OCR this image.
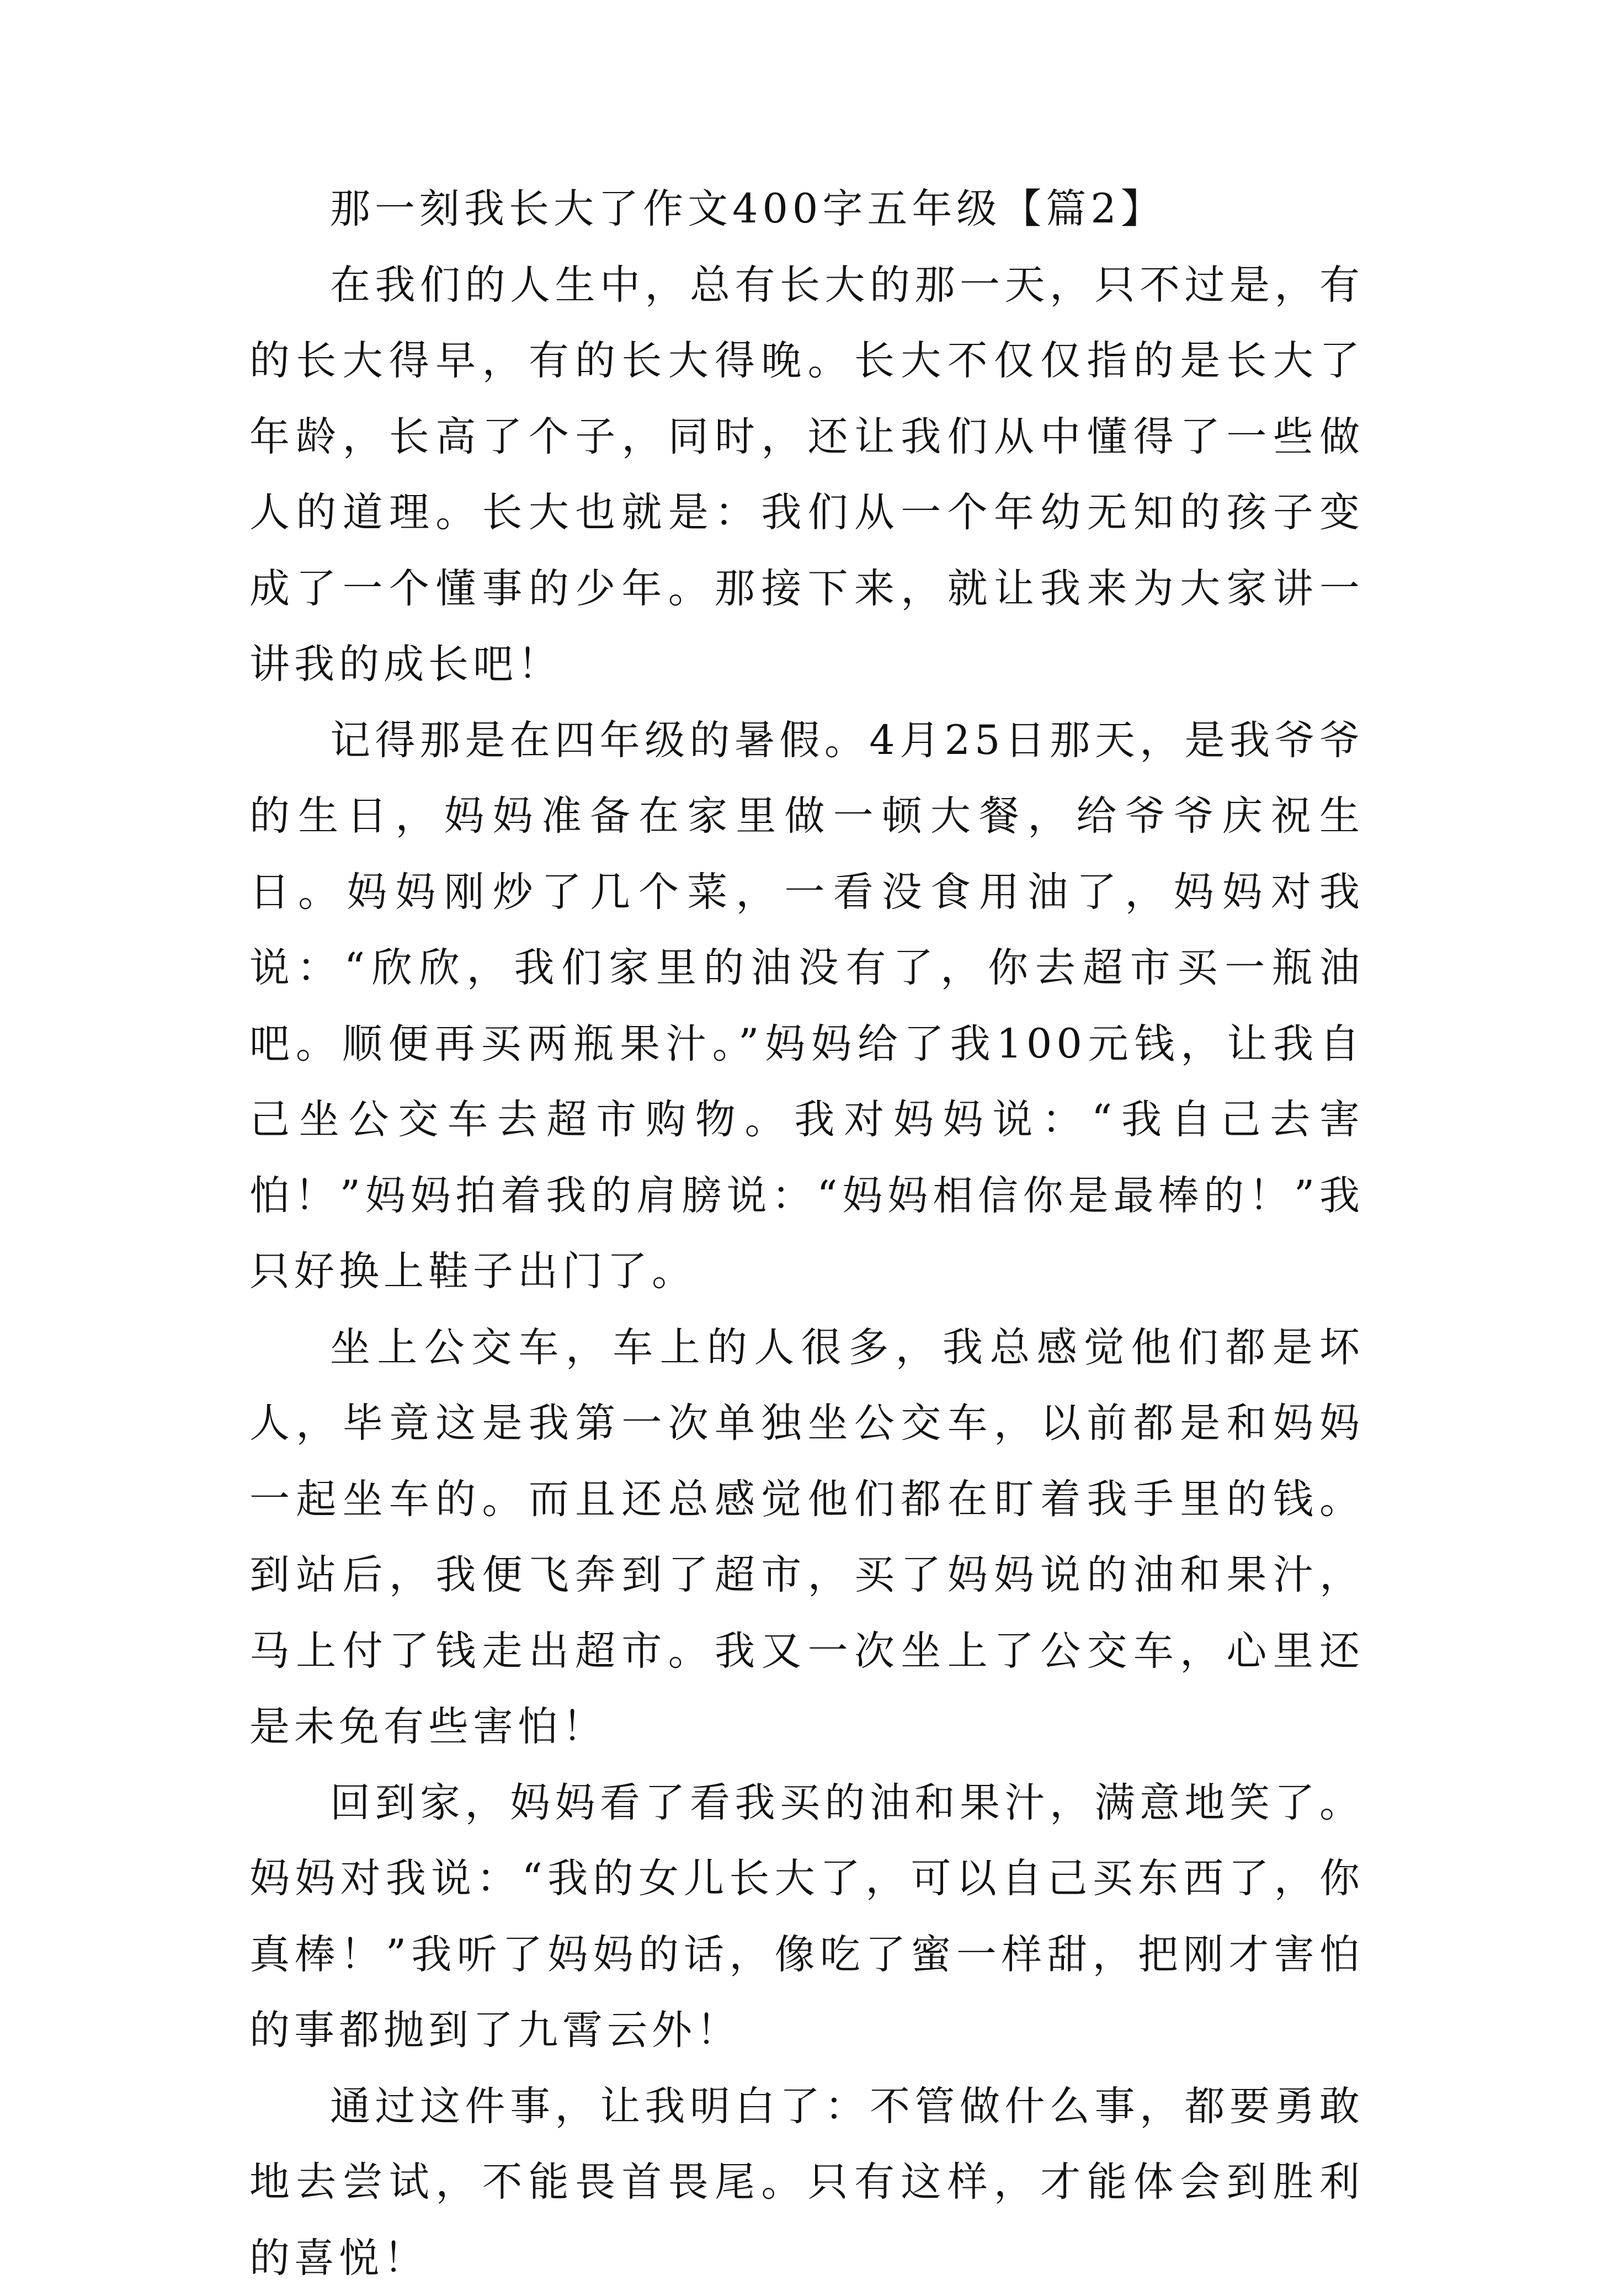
那一刻我长大了作文400字五年级【篇2】

在我们的人生中，总有长大的那一天，只不过是，有的长大得早，有的长大得晚。长大不仅仅指的是长大了年龄，长高了个子，同时，还让我们从中懂得了一些做人的道理。长大也就是：我们从一个年幼无知的孩子变成了一个懂事的少年。那接下来，就让我来为大家讲一讲我的成长吧！

记得那是在四年级的暑假。4月25日那天，是我爷爷的生日，妈妈准备在家里做一顿大餐，给爷爷庆祝生日。妈妈刚炒了几个菜，一看没食用油了，妈妈对我说：“欣欣，我们家里的油没有了，你去超市买一瓶油吧。顺便再买两瓶果汁。”妈妈给了我100元钱，让我自己坐公交车去超市购物。我对妈妈说：“我自己去害怕！”妈妈拍着我的肩膀说：“妈妈相信你是最棒的！”我只好换上鞋子出门了。

坐上公交车，车上的人很多，我总感觉他们都是坏人，毕竟这是我第一次单独坐公交车，以前都是和妈妈一起坐车的。而且还总感觉他们都在盯着我手里的钱。到站后，我便飞奔到了超市，买了妈妈说的油和果汁，马上付了钱走出超市。我又一次坐上了公交车，心里还是未免有些害怕！

回到家，妈妈看了看我买的油和果汁，满意地笑了。妈妈对我说：“我的女儿长大了，可以自己买东西了，你真棒！”我听了妈妈的话，像吃了蜜一样甜，把刚才害怕的事都抛到了九霄云外！

通过这件事，让我明白了：不管做什么事，都要勇敢地去尝试，不能畏首畏尾。只有这样，才能体会到胜利的喜悦！
